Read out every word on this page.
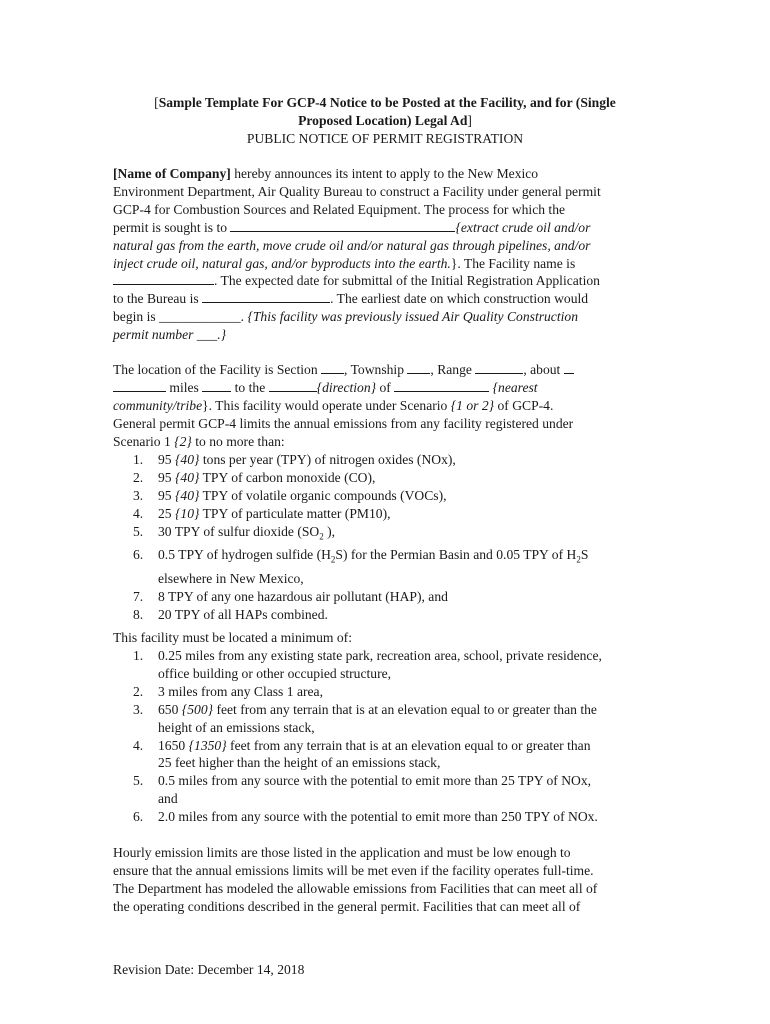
[Sample Template For GCP-4 Notice to be Posted at the Facility, and for (Single
Proposed Location) Legal Ad]
PUBLIC NOTICE OF PERMIT REGISTRATION
[Name of Company] hereby announces its intent to apply to the New Mexico
Environment Department, Air Quality Bureau to construct a Facility under general permit
GCP-4 for Combustion Sources and Related Equipment. The process for which the
permit is sought is to	{extract crude oil and/or
natural gas from the earth, move crude oil and/or natural gas through pipelines, and/or
inject crude oil, natural gas, and/or byproducts into the earth.}. The Facility name is
. The expected date for submittal of the Initial Registration Application
to the Bureau is	. The earliest date on which construction would
begin is ____________. {This facility was previously issued Air Quality Construction
permit number ___.}
The location of the Facility is Section , Township , Range	, about
miles  to the	{direction} of	{nearest
community/tribe}. This facility would operate under Scenario {1 or 2} of GCP-4.
General permit GCP-4 limits the annual emissions from any facility registered under
Scenario 1 {2} to no more than:
1. 95 {40} tons per year (TPY) of nitrogen oxides (NOx),
2. 95 {40} TPY of carbon monoxide (CO),
3. 95 {40} TPY of volatile organic compounds (VOCs),
4. 25 {10} TPY of particulate matter (PM10),
5. 30 TPY of sulfur dioxide ($SO_2$ ),
6. 0.5 TPY of hydrogen sulfide $(H_2S)$ for the Permian Basin and 0.05 TPY of $H_2S$
elsewhere in New Mexico,
7. 8 TPY of any one hazardous air pollutant (HAP), and
8. 20 TPY of all HAPs combined.
This facility must be located a minimum of:
1. 0.25 miles from any existing state park, recreation area, school, private residence,
office building or other occupied structure,
2. 3 miles from any Class 1 area,
3. 650 {500} feet from any terrain that is at an elevation equal to or greater than the
height of an emissions stack,
4. 1650 {1350} feet from any terrain that is at an elevation equal to or greater than
25 feet higher than the height of an emissions stack,
5. 0.5 miles from any source with the potential to emit more than 25 TPY of NOx,
and
6. 2.0 miles from any source with the potential to emit more than 250 TPY of NOx.
Hourly emission limits are those listed in the application and must be low enough to
ensure that the annual emissions limits will be met even if the facility operates full-time.
The Department has modeled the allowable emissions from Facilities that can meet all of
the operating conditions described in the general permit. Facilities that can meet all of
Revision Date: December 14, 2018
